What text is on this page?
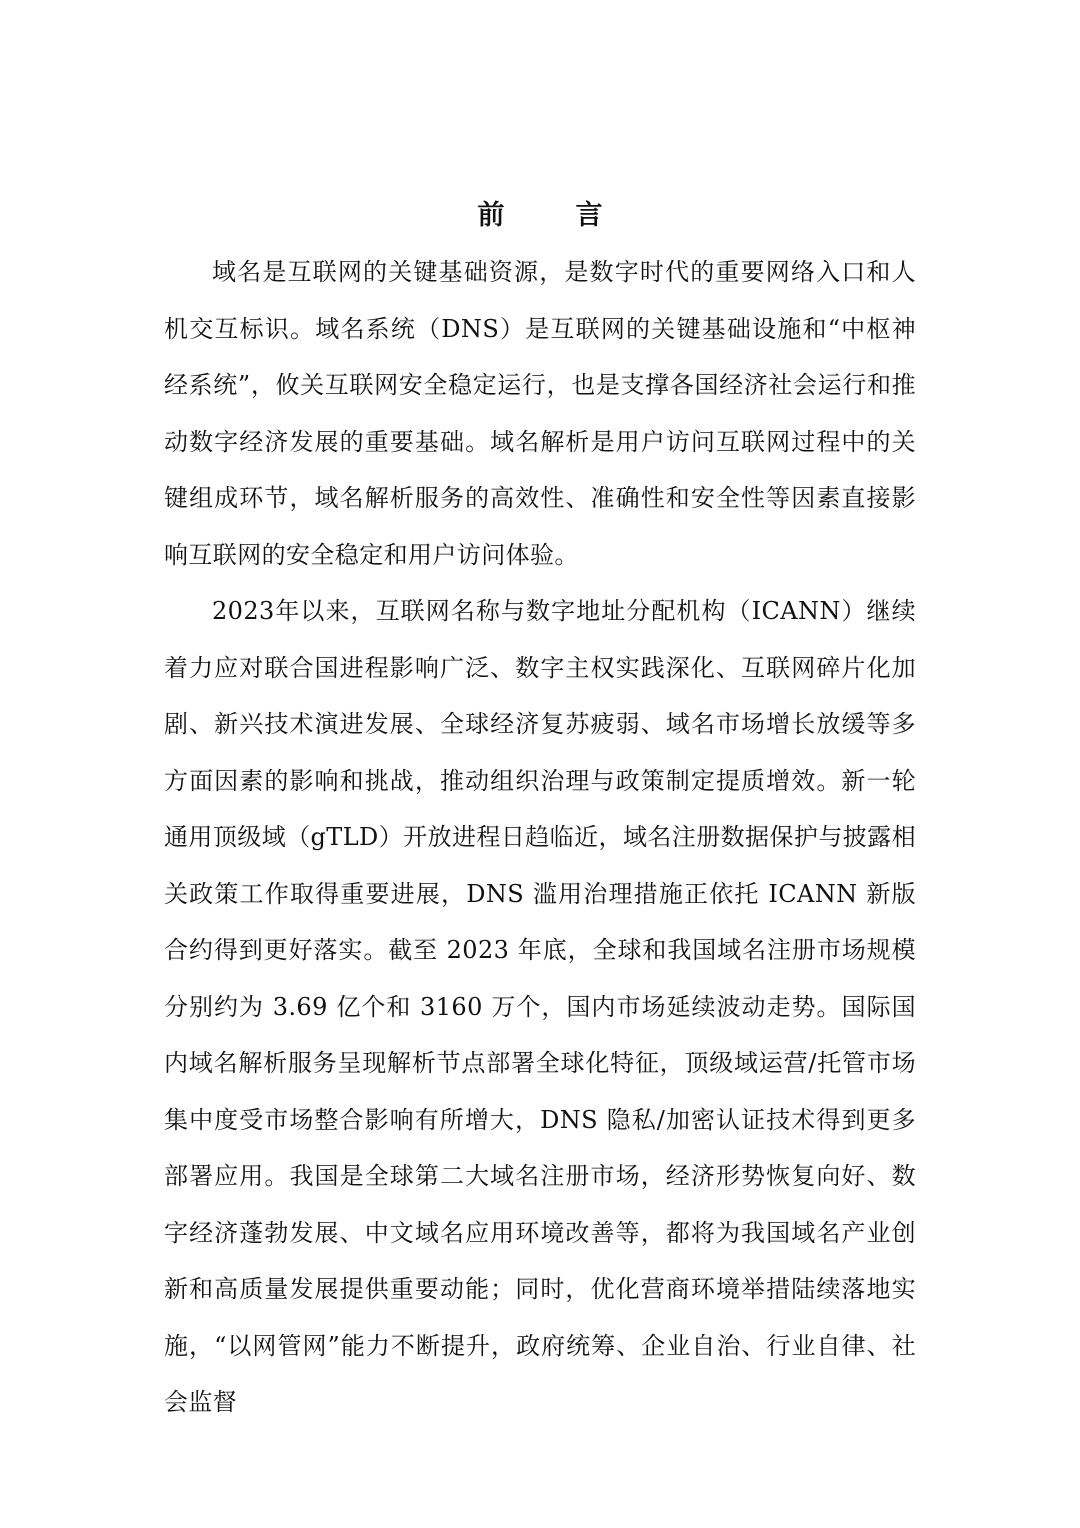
前　言

域名是互联网的关键基础资源，是数字时代的重要网络入口和人机交互标识。域名系统（DNS）是互联网的关键基础设施和“中枢神经系统”，攸关互联网安全稳定运行，也是支撑各国经济社会运行和推动数字经济发展的重要基础。域名解析是用户访问互联网过程中的关键组成环节，域名解析服务的高效性、准确性和安全性等因素直接影响互联网的安全稳定和用户访问体验。

2023年以来，互联网名称与数字地址分配机构（ICANN）继续着力应对联合国进程影响广泛、数字主权实践深化、互联网碎片化加剧、新兴技术演进发展、全球经济复苏疲弱、域名市场增长放缓等多方面因素的影响和挑战，推动组织治理与政策制定提质增效。新一轮通用顶级域（gTLD）开放进程日趋临近，域名注册数据保护与披露相关政策工作取得重要进展，DNS 滥用治理措施正依托 ICANN 新版合约得到更好落实。截至 2023 年底，全球和我国域名注册市场规模分别约为 3.69 亿个和 3160 万个，国内市场延续波动走势。国际国内域名解析服务呈现解析节点部署全球化特征，顶级域运营/托管市场集中度受市场整合影响有所增大，DNS 隐私/加密认证技术得到更多部署应用。我国是全球第二大域名注册市场，经济形势恢复向好、数字经济蓬勃发展、中文域名应用环境改善等，都将为我国域名产业创新和高质量发展提供重要动能；同时，优化营商环境举措陆续落地实施，“以网管网”能力不断提升，政府统筹、企业自治、行业自律、社会监督
